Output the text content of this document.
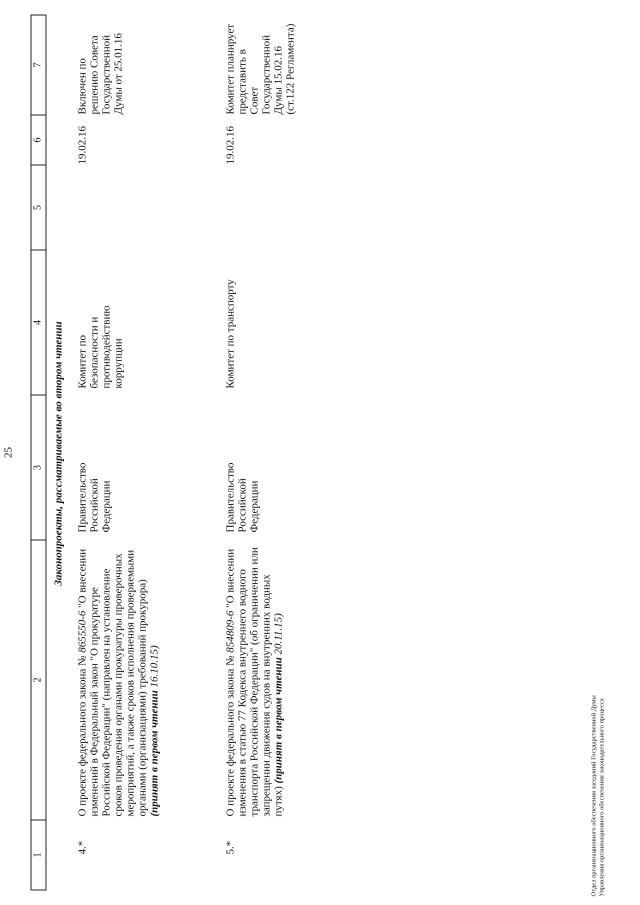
25
1
2
3
4
5
6
7
Законопроекты, рассматриваемые во втором чтении
4.*
О проекте федерального закона № 865550-6 "О внесении изменений в Федеральный закон "О прокуратуре Российской Федерации" (направлен на установление сроков проведения органами прокуратуры проверочных мероприятий, а также сроков исполнения проверяемыми органами (организациями) требований прокурора) (принят в первом чтении 16.10.15)
Правительство Российской Федерации
Комитет по безопасности и противодействию коррупции
19.02.16
Включен по решению Совета Государственной Думы от 25.01.16
5.*
О проекте федерального закона № 854809-6 "О внесении изменения в статью 77 Кодекса внутреннего водного транспорта Российской Федерации" (об ограничении или запрещении движения судов на внутренних водных путях) (принят в первом чтении 20.11.15)
Правительство Российской Федерации
Комитет по транспорту
19.02.16
Комитет планирует представить в Совет Государственной Думы 15.02.16 (ст.122 Регламента)
Отдел организационного обеспечения заседаний Государственной Думы Управления организационного обеспечения законодательного процесса
